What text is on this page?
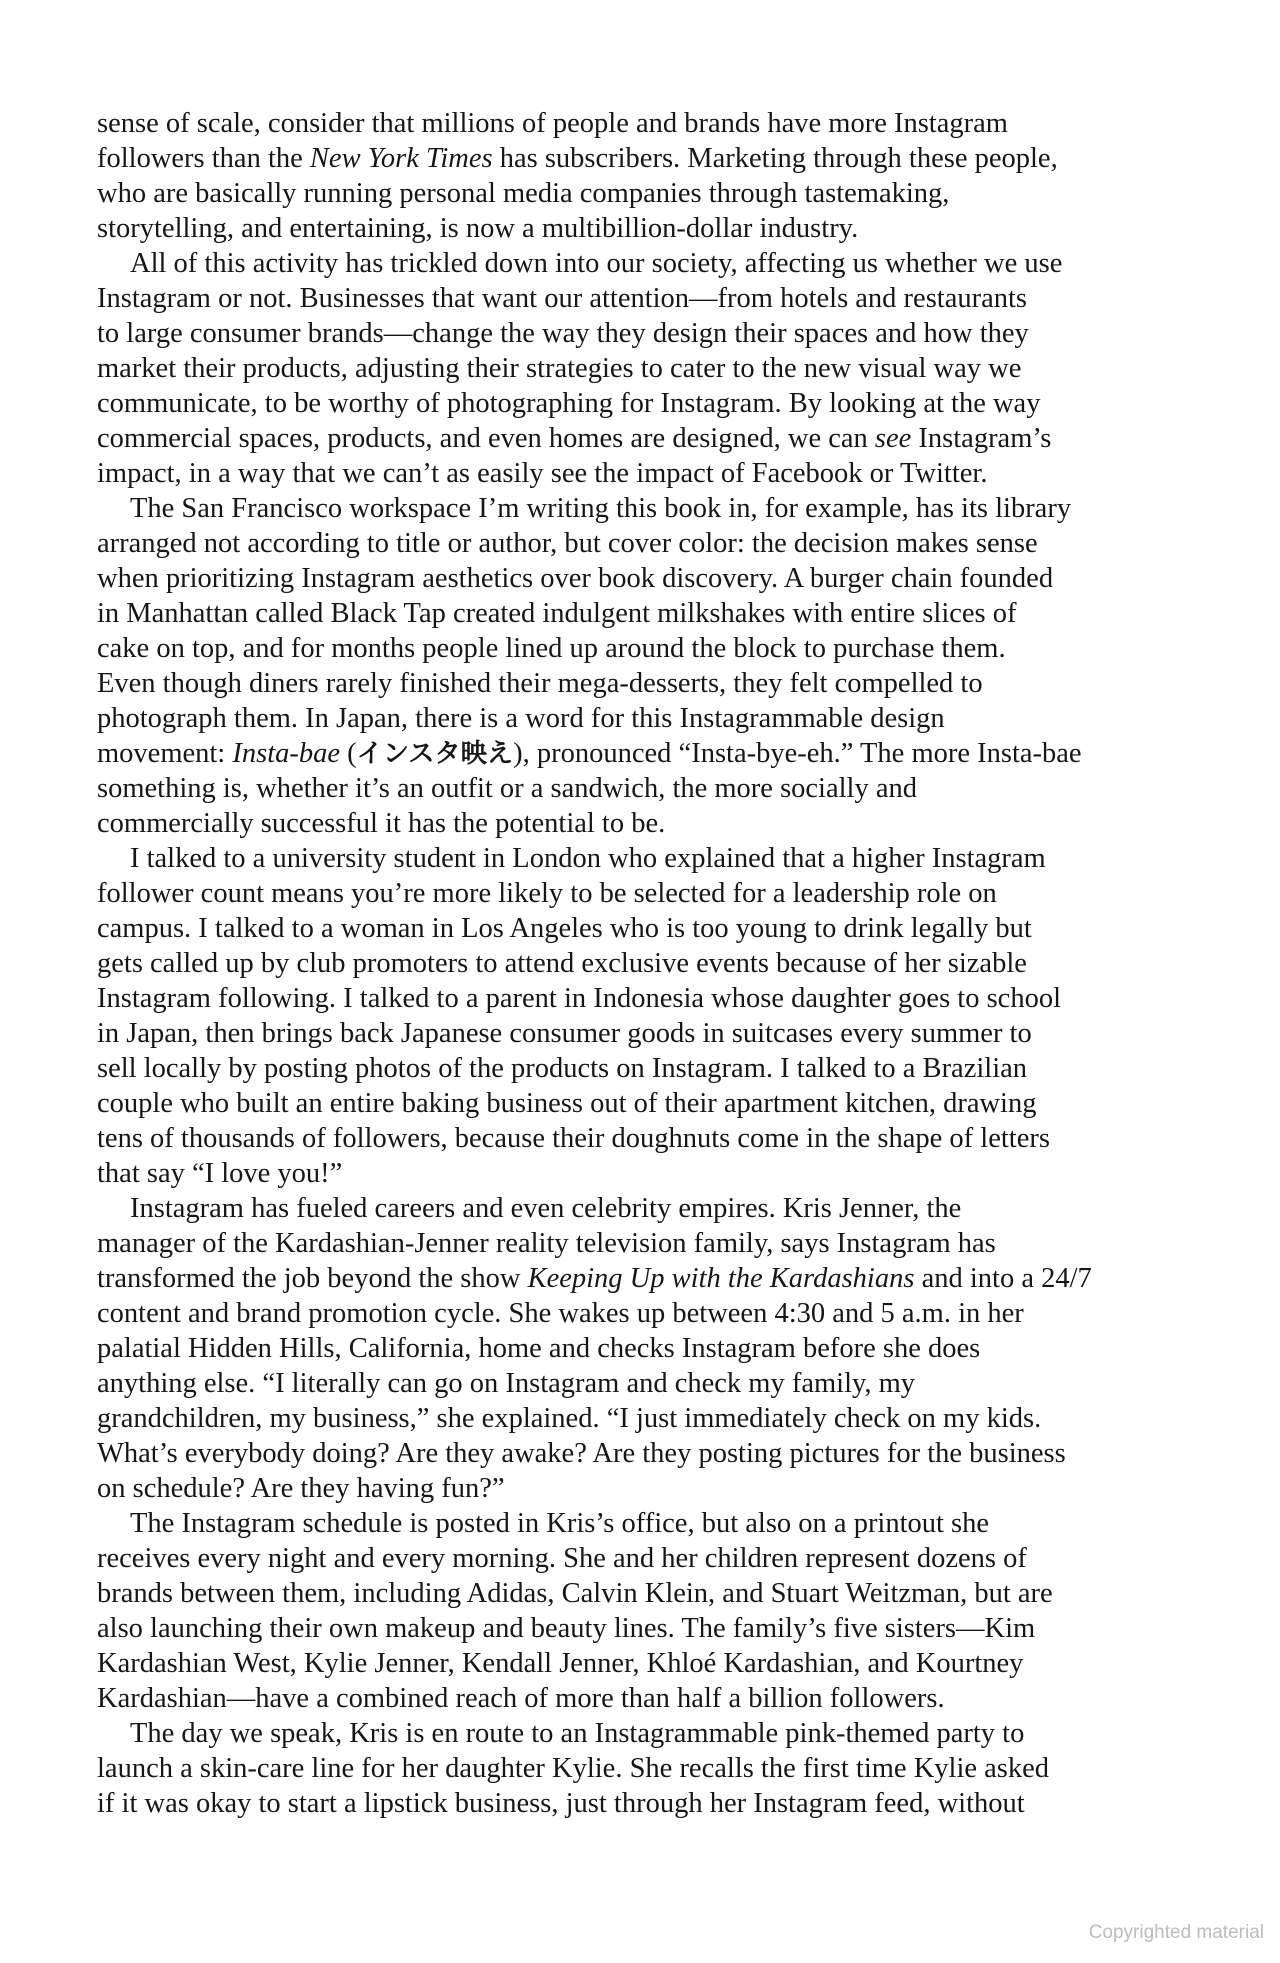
sense of scale, consider that millions of people and brands have more Instagram
followers than the New York Times has subscribers. Marketing through these people,
who are basically running personal media companies through tastemaking,
storytelling, and entertaining, is now a multibillion-dollar industry.
All of this activity has trickled down into our society, affecting us whether we use
Instagram or not. Businesses that want our attention—from hotels and restaurants
to large consumer brands—change the way they design their spaces and how they
market their products, adjusting their strategies to cater to the new visual way we
communicate, to be worthy of photographing for Instagram. By looking at the way
commercial spaces, products, and even homes are designed, we can see Instagram’s
impact, in a way that we can’t as easily see the impact of Facebook or Twitter.
The San Francisco workspace I’m writing this book in, for example, has its library
arranged not according to title or author, but cover color: the decision makes sense
when prioritizing Instagram aesthetics over book discovery. A burger chain founded
in Manhattan called Black Tap created indulgent milkshakes with entire slices of
cake on top, and for months people lined up around the block to purchase them.
Even though diners rarely finished their mega-desserts, they felt compelled to
photograph them. In Japan, there is a word for this Instagrammable design
movement: Insta-bae (インスタ映え), pronounced “Insta-bye-eh.” The more Insta-bae
something is, whether it’s an outfit or a sandwich, the more socially and
commercially successful it has the potential to be.
I talked to a university student in London who explained that a higher Instagram
follower count means you’re more likely to be selected for a leadership role on
campus. I talked to a woman in Los Angeles who is too young to drink legally but
gets called up by club promoters to attend exclusive events because of her sizable
Instagram following. I talked to a parent in Indonesia whose daughter goes to school
in Japan, then brings back Japanese consumer goods in suitcases every summer to
sell locally by posting photos of the products on Instagram. I talked to a Brazilian
couple who built an entire baking business out of their apartment kitchen, drawing
tens of thousands of followers, because their doughnuts come in the shape of letters
that say “I love you!”
Instagram has fueled careers and even celebrity empires. Kris Jenner, the
manager of the Kardashian-Jenner reality television family, says Instagram has
transformed the job beyond the show Keeping Up with the Kardashians and into a 24/7
content and brand promotion cycle. She wakes up between 4:30 and 5 a.m. in her
palatial Hidden Hills, California, home and checks Instagram before she does
anything else. “I literally can go on Instagram and check my family, my
grandchildren, my business,” she explained. “I just immediately check on my kids.
What’s everybody doing? Are they awake? Are they posting pictures for the business
on schedule? Are they having fun?”
The Instagram schedule is posted in Kris’s office, but also on a printout she
receives every night and every morning. She and her children represent dozens of
brands between them, including Adidas, Calvin Klein, and Stuart Weitzman, but are
also launching their own makeup and beauty lines. The family’s five sisters—Kim
Kardashian West, Kylie Jenner, Kendall Jenner, Khloé Kardashian, and Kourtney
Kardashian—have a combined reach of more than half a billion followers.
The day we speak, Kris is en route to an Instagrammable pink-themed party to
launch a skin-care line for her daughter Kylie. She recalls the first time Kylie asked
if it was okay to start a lipstick business, just through her Instagram feed, without
Copyrighted material
